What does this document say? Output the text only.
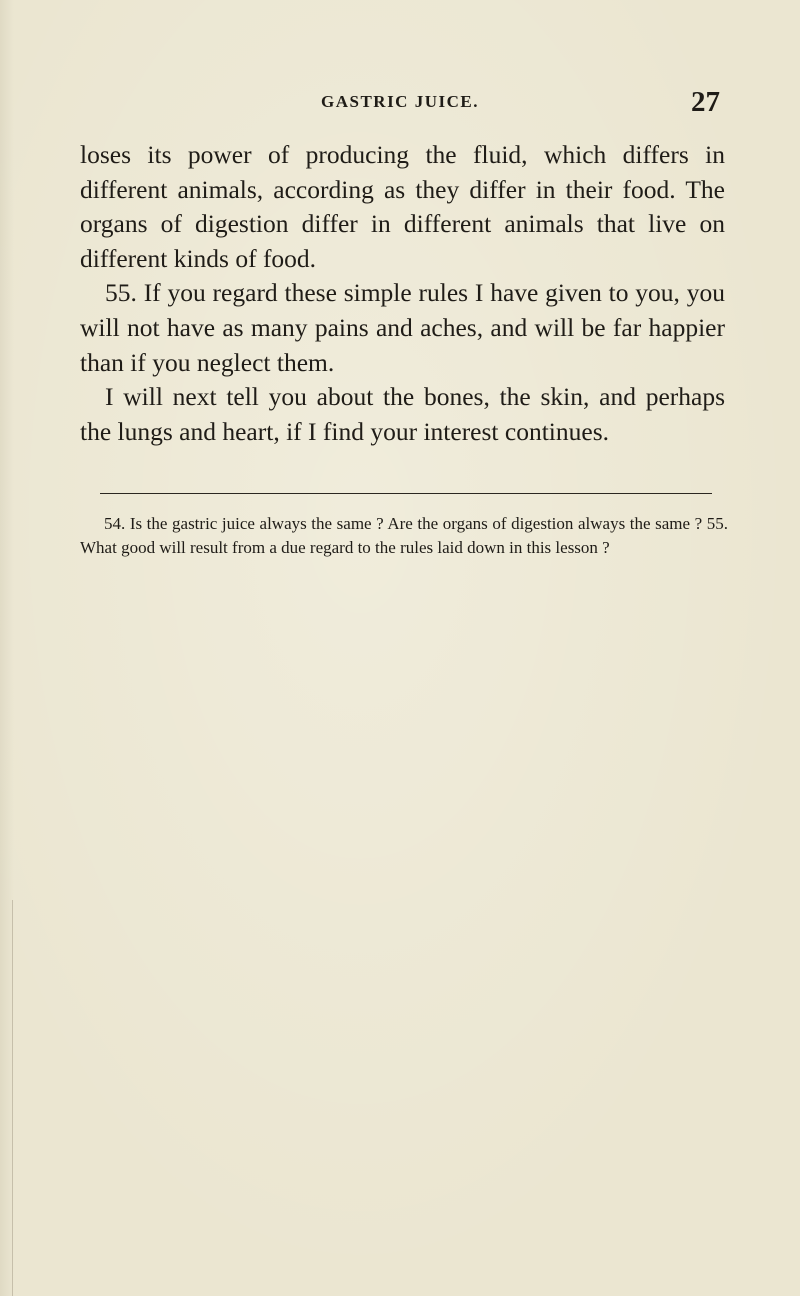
GASTRIC JUICE.	27

loses its power of producing the fluid, which differs in different animals, according as they differ in their food. The organs of digestion differ in different animals that live on different kinds of food.

55. If you regard these simple rules I have given to you, you will not have as many pains and aches, and will be far happier than if you neglect them.

I will next tell you about the bones, the skin, and perhaps the lungs and heart, if I find your interest continues.

54. Is the gastric juice always the same ? Are the organs of digestion always the same ? 55. What good will result from a due regard to the rules laid down in this lesson ?
